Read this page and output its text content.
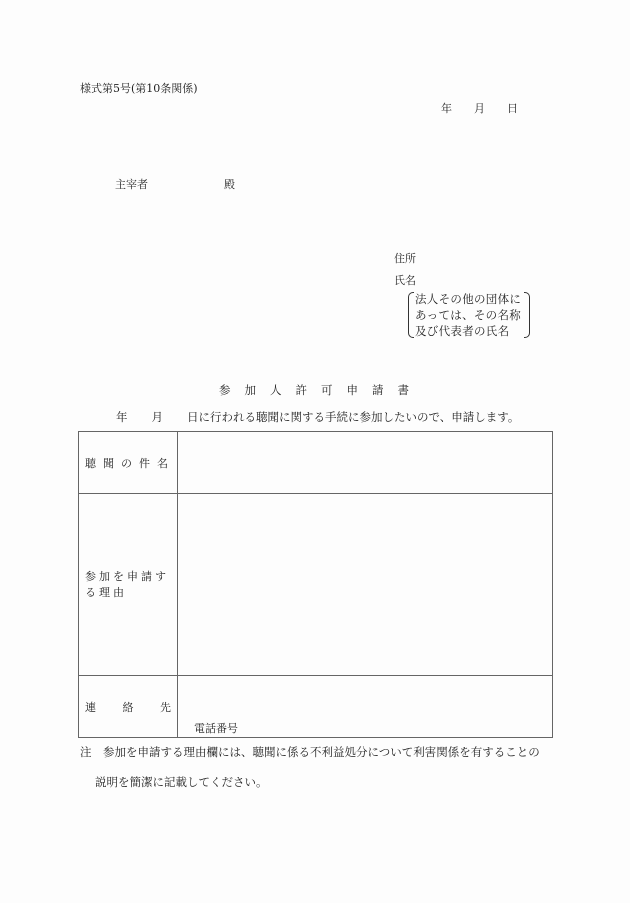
様式第5号(第10条関係)
年 月 日
主宰者	殿
住所
氏名
法人その他の団体に
あっては、その名称
及び代表者の氏名
参加人許可申請書
年 月 日に行われる聴聞に関する手続に参加したいので、申請します。
聴聞の件名	
参加を申請する理由	

連 絡 先	電話番号
注　参加を申請する理由欄には、聴聞に係る不利益処分について利害関係を有することの
説明を簡潔に記載してください。
